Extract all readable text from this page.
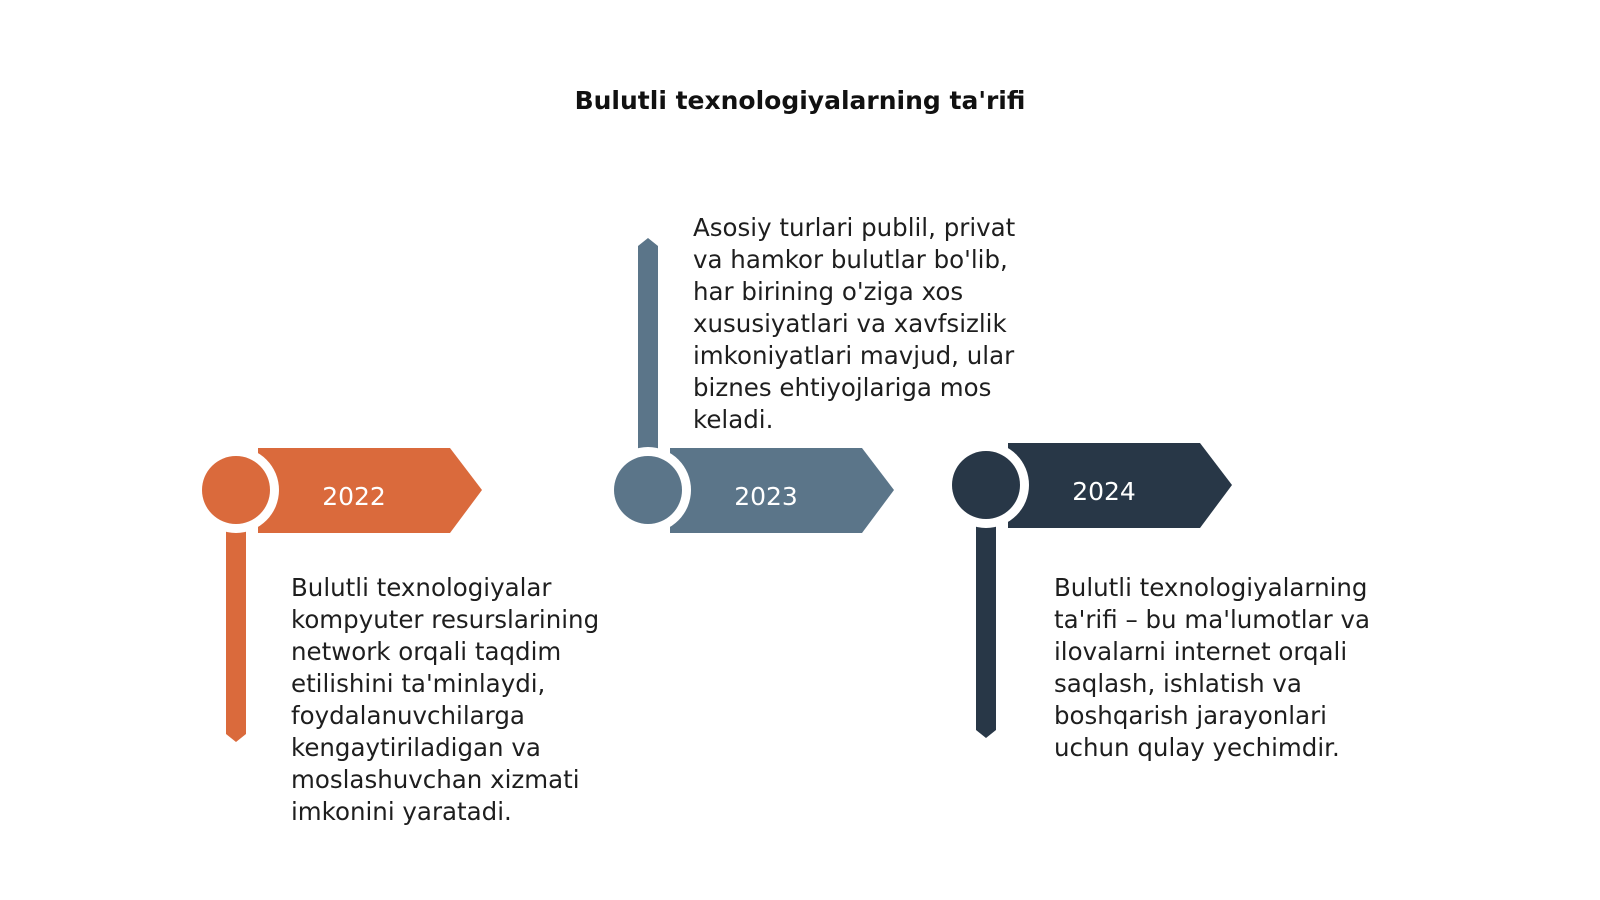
Bulutli texnologiyalarning ta'rifi
2022	2023	2024

Bulutli texnologiyalar
kompyuter resurslarining
network orqali taqdim
etilishini ta'minlaydi,
foydalanuvchilarga
kengaytiriladigan va
moslashuvchan xizmati
imkonini yaratadi.

Asosiy turlari publil, privat
va hamkor bulutlar bo'lib,
har birining o'ziga xos
xususiyatlari va xavfsizlik
imkoniyatlari mavjud, ular
biznes ehtiyojlariga mos
keladi.

Bulutli texnologiyalarning
ta'rifi – bu ma'lumotlar va
ilovalarni internet orqali
saqlash, ishlatish va
boshqarish jarayonlari
uchun qulay yechimdir.
